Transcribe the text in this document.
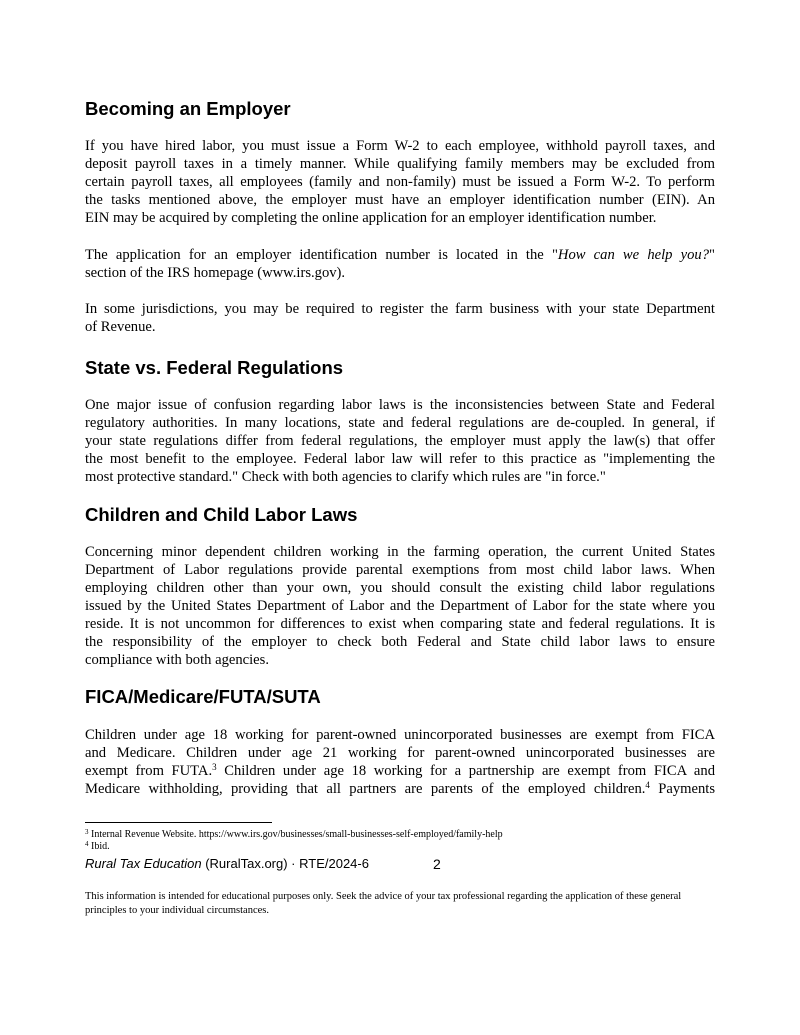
Becoming an Employer

If you have hired labor, you must issue a Form W-2 to each employee, withhold payroll taxes, and
deposit payroll taxes in a timely manner. While qualifying family members may be excluded from
certain payroll taxes, all employees (family and non-family) must be issued a Form W-2. To perform
the tasks mentioned above, the employer must have an employer identification number (EIN). An
EIN may be acquired by completing the online application for an employer identification number.

The application for an employer identification number is located in the "How can we help you?"
section of the IRS homepage (www.irs.gov).

In some jurisdictions, you may be required to register the farm business with your state Department
of Revenue.

State vs. Federal Regulations

One major issue of confusion regarding labor laws is the inconsistencies between State and Federal
regulatory authorities. In many locations, state and federal regulations are de-coupled. In general, if
your state regulations differ from federal regulations, the employer must apply the law(s) that offer
the most benefit to the employee. Federal labor law will refer to this practice as "implementing the
most protective standard." Check with both agencies to clarify which rules are "in force."

Children and Child Labor Laws

Concerning minor dependent children working in the farming operation, the current United States
Department of Labor regulations provide parental exemptions from most child labor laws. When
employing children other than your own, you should consult the existing child labor regulations
issued by the United States Department of Labor and the Department of Labor for the state where you
reside. It is not uncommon for differences to exist when comparing state and federal regulations. It is
the responsibility of the employer to check both Federal and State child labor laws to ensure
compliance with both agencies.

FICA/Medicare/FUTA/SUTA

Children under age 18 working for parent-owned unincorporated businesses are exempt from FICA
and Medicare. Children under age 21 working for parent-owned unincorporated businesses are
exempt from FUTA.$^3$ Children under age 18 working for a partnership are exempt from FICA and
Medicare withholding, providing that all partners are parents of the employed children.$^4$ Payments

$^3$ Internal Revenue Website. https://www.irs.gov/businesses/small-businesses-self-employed/family-help

$^4$ Ibid.

Rural Tax Education (RuralTax.org) · RTE/2024-6	2

This information is intended for educational purposes only. Seek the advice of your tax professional regarding the application of these general principles to your individual circumstances.
